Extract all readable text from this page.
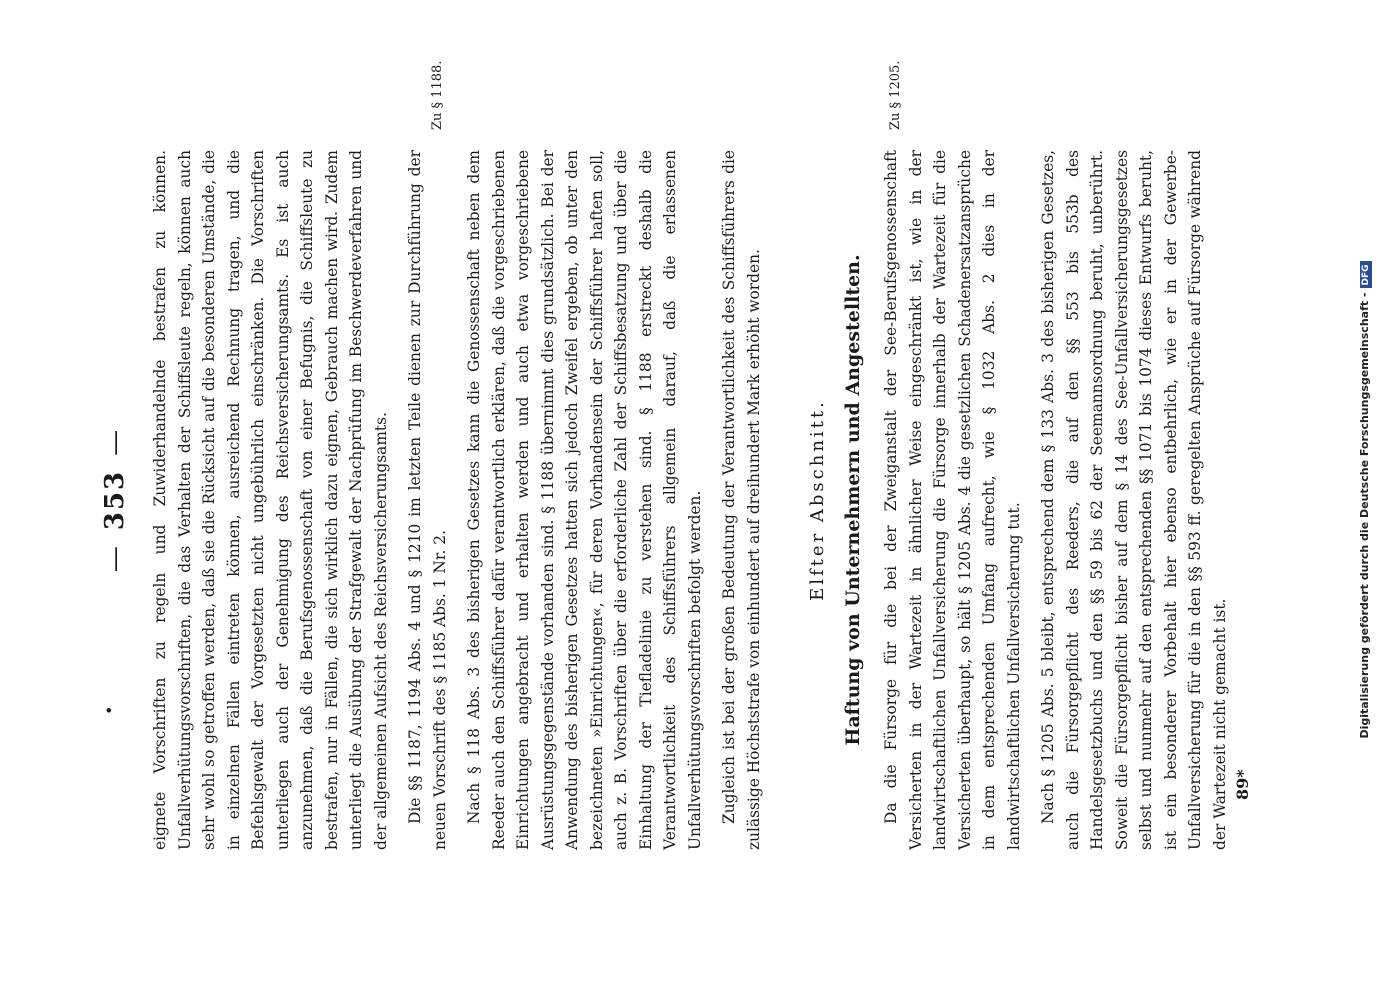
—353—
• eignete Vorschriften zu regeln und Zuwiderhandelnde bestrafen zu können. Unfallverhütungsvorschriften, die das Verhalten der Schiffsleute regeln, können auch sehr wohl so getroffen werden, daß sie die Rücksicht auf die besonderen Umstände, die in einzelnen Fällen eintreten können, ausreichend Rechnung tragen, und die Befehlsgewalt der Vorgesetzten nicht ungebührlich einschränken. Die Vorschriften unterliegen auch der Genehmigung des Reichsversicherungsamts. Es ist auch anzunehmen, daß die Berufsgenossenschaft von einer Befugnis, die Schiffsleute zu bestrafen, nur in Fällen, die sich wirklich dazu eignen, Gebrauch machen wird. Zudem unterliegt die Ausübung der Strafgewalt der Nachprüfung im Beschwerdeverfahren und der allgemeinen Aufsicht des Reichsversicherungsamts. Die §§ 1187, 1194 Abs. 4 und § 1210 im letzten Teile dienen zur Durchführung der neuen Vorschrift des § 1185 Abs. 1 Nr. 2. Nach § 118 Abs. 3 des bisherigen Gesetzes kann die Genossenschaft neben dem Reeder auch den Schiffsführer dafür verantwortlich erklären, daß die vorgeschriebenen Einrichtungen angebracht und erhalten werden und auch etwa vorgeschriebene Ausrüstungsgegenstände vorhanden sind. § 1188 übernimmt dies grundsätzlich. Bei der Anwendung des bisherigen Gesetzes hatten sich jedoch Zweifel ergeben, ob unter den bezeichneten »Einrichtungen«, für deren Vorhandensein der Schiffsführer haften soll, auch z. B. Vorschriften über die erforderliche Zahl der Schiffsbesatzung und über die Einhaltung der Tiefladelinie zu verstehen sind. § 1188 erstreckt deshalb die Verantwortlichkeit des Schiffsführers allgemein darauf, daß die erlassenen Unfallverhütungsvorschriften befolgt werden. Zugleich ist bei der großen Bedeutung der Verantwortlichkeit des Schiffsführers die zulässige Höchststrafe von einhundert auf dreihundert Mark erhöht worden. Elfter Abschnitt. Haftung von Unternehmern und Angestellten. Da die Fürsorge für die bei der Zweiganstalt der See-Berufsgenossenschaft Versicherten in der Wartezeit in ähnlicher Weise eingeschränkt ist, wie in der landwirtschaftlichen Unfallversicherung die Fürsorge innerhalb der Wartezeit für die Versicherten überhaupt, so hält § 1205 Abs. 4 die gesetzlichen Schadenersatzansprüche in dem entsprechenden Umfang aufrecht, wie § 1032 Abs. 2 dies in der landwirtschaftlichen Unfallversicherung tut. Nach § 1205 Abs. 5 bleibt, entsprechend dem § 133 Abs. 3 des bisherigen Gesetzes, auch die Fürsorgepflicht des Reeders, die auf den §§ 553 bis 553b des Handelsgesetzbuchs und den §§ 59 bis 62 der Seemannsordnung beruht, unberührt. Soweit die Fürsorgepflicht bisher auf dem § 14 des See-Unfallversicherungsgesetzes selbst und nunmehr auf den entsprechenden §§ 1071 bis 1074 dieses Entwurfs beruht, ist ein besonderer Vorbehalt hier ebenso entbehrlich, wie er in der Gewerbe-Unfallversicherung für die in den §§ 593 ff. geregelten Ansprüche auf Fürsorge während der Wartezeit nicht gemacht ist.

Zu § 1188.	Zu § 1205.
89*
Digitalisierung gefördert durch die Deutsche Forschungsgemeinschaft -DFG
